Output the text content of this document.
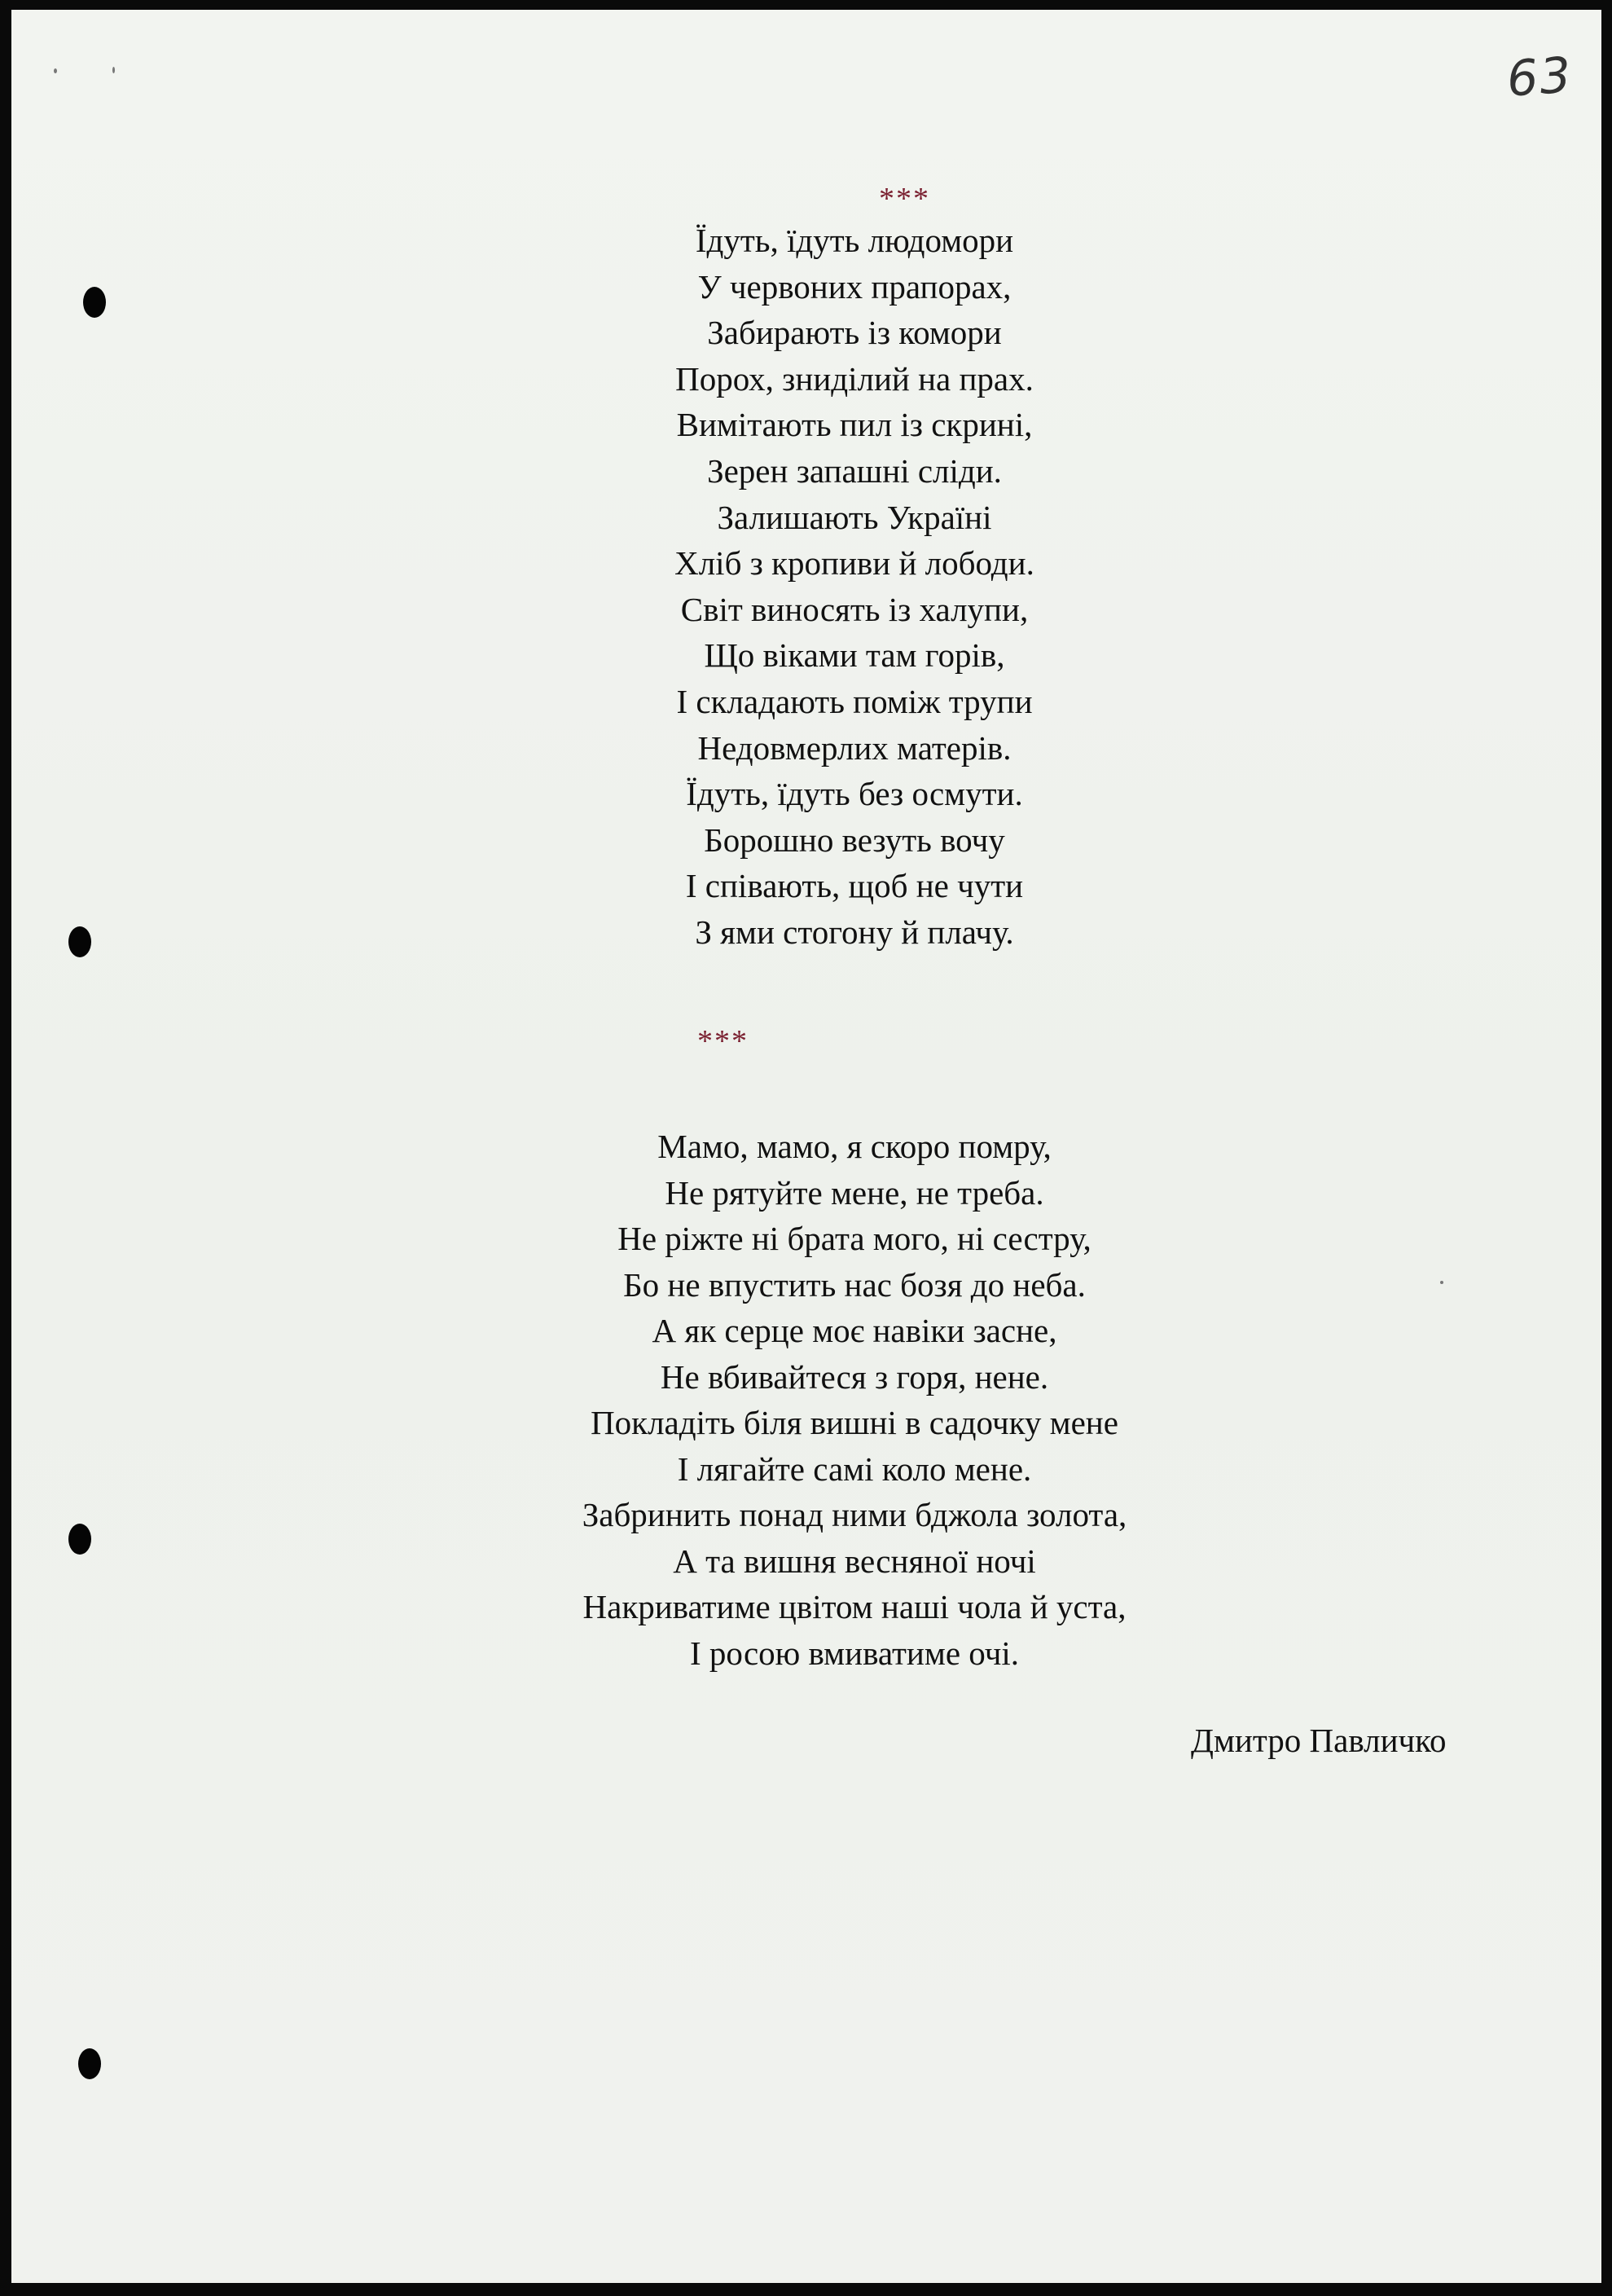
63
***
Їдуть, їдуть людомори
У червоних прапорах,
Забирають із комори
Порох, знидiлий на прах.
Вимітають пил із скрині,
Зерен запашні сліди.
Залишають Україні
Хліб з кропиви й лободи.
Світ виносять із халупи,
Що віками там горів,
І складають поміж трупи
Недовмерлих матерів.
Їдуть, їдуть без осмути.
Борошно везуть вочу
І співають, щоб не чути
З ями стогону й плачу.
***
Мамо, мамо, я скоро помру,
Не рятуйте мене, не треба.
Не ріжте ні брата мого, ні сестру,
Бо не впустить нас бозя до неба.
А як серце моє навіки засне,
Не вбивайтеся з горя, нене.
Покладіть біля вишні в садочку мене
І лягайте самі коло мене.
Забринить понад ними бджола золота,
А та вишня весняної ночі
Накриватиме цвітом наші чола й уста,
І росою вмиватиме очі.
Дмитро Павличко
